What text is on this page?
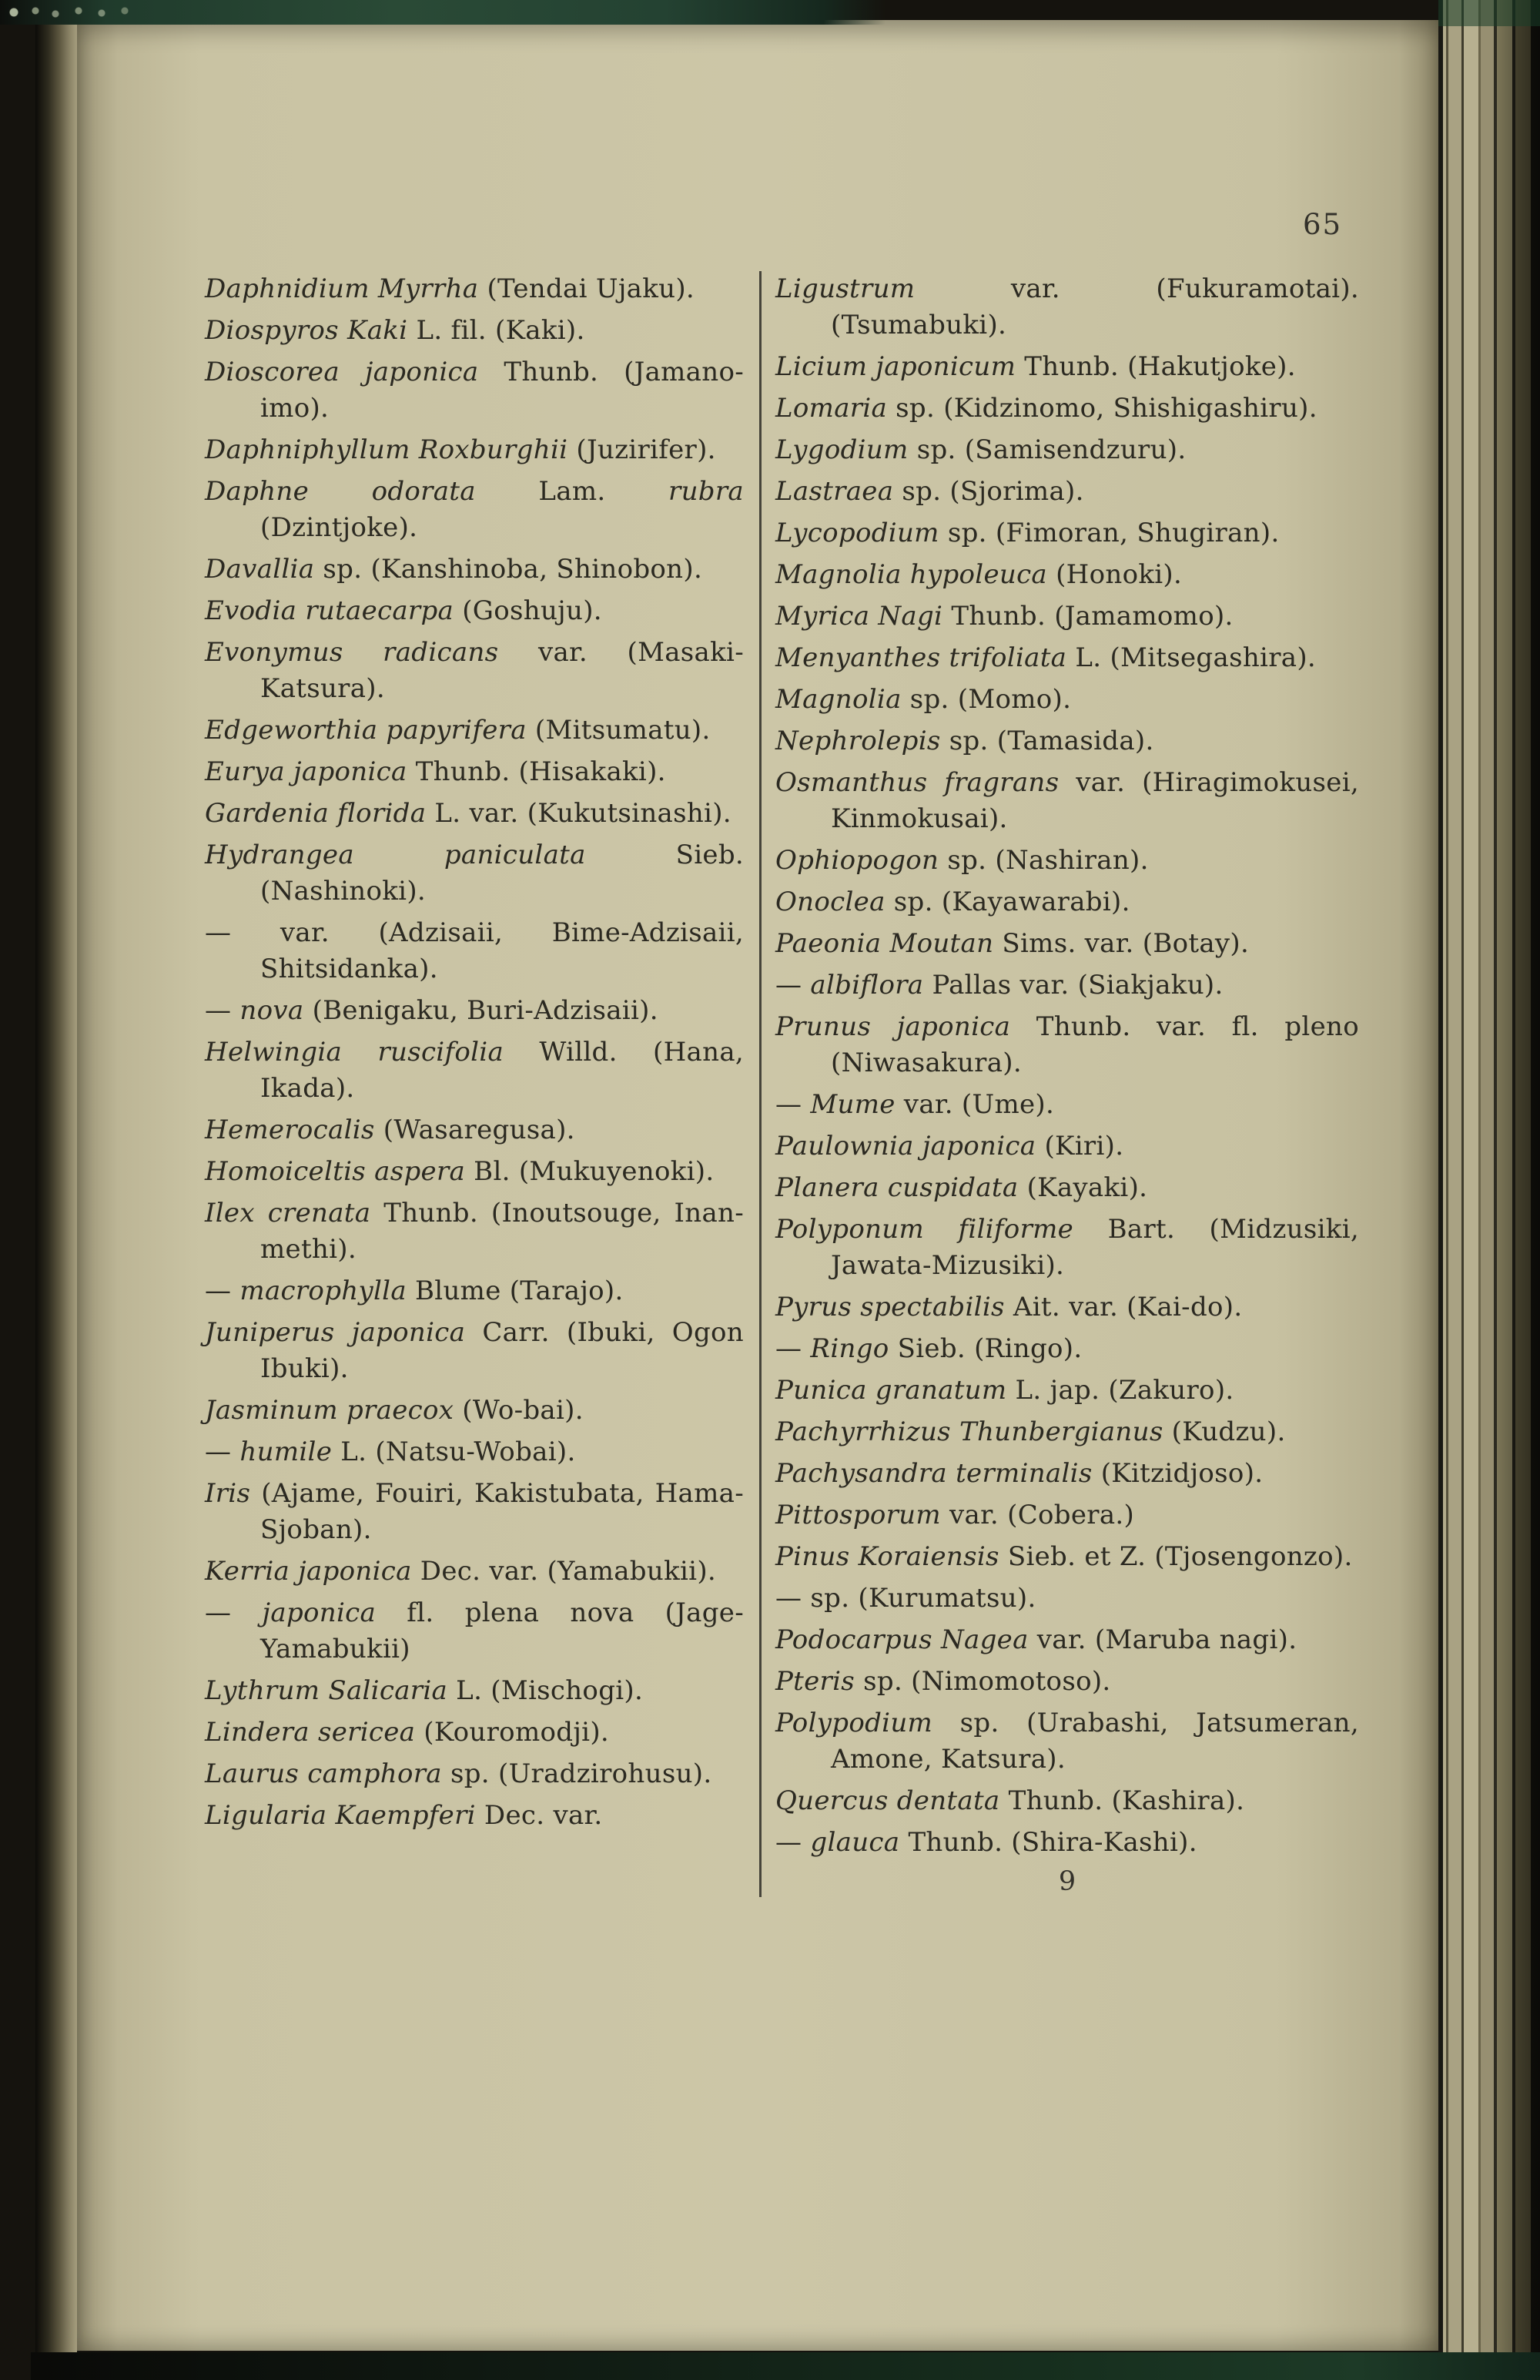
65
Daphnidium Myrrha (Tendai Ujaku).
Diospyros Kaki L. fil. (Kaki).
Dioscorea japonica Thunb. (Jamano-imo).
Daphniphyllum Roxburghii (Juzirifer).
Daphne odorata Lam. rubra (Dzintjoke).
Davallia sp. (Kanshinoba, Shinobon).
Evodia rutaecarpa (Goshuju).
Evonymus radicans var. (Masaki-Katsura).
Edgeworthia papyrifera (Mitsumatu).
Eurya japonica Thunb. (Hisakaki).
Gardenia florida L. var. (Kukutsinashi).
Hydrangea paniculata Sieb. (Nashinoki).
— var. (Adzisaii, Bime-Adzisaii, Shitsidanka).
— nova (Benigaku, Buri-Adzisaii).
Helwingia ruscifolia Willd. (Hana, Ikada).
Hemerocalis (Wasaregusa).
Homoiceltis aspera Bl. (Mukuyenoki).
Ilex crenata Thunb. (Inoutsouge, Inan-methi).
— macrophylla Blume (Tarajo).
Juniperus japonica Carr. (Ibuki, Ogon Ibuki).
Jasminum praecox (Wo-bai).
— humile L. (Natsu-Wobai).
Iris (Ajame, Fouiri, Kakistubata, Hama-Sjoban).
Kerria japonica Dec. var. (Yamabukii).
— japonica fl. plena nova (Jage-Yamabukii)
Lythrum Salicaria L. (Mischogi).
Lindera sericea (Kouromodji).
Laurus camphora sp. (Uradzirohusu).
Ligularia Kaempferi Dec. var.
Ligustrum var. (Fukuramotai). (Tsumabuki).
Licium japonicum Thunb. (Hakutjoke).
Lomaria sp. (Kidzinomo, Shishigashiru).
Lygodium sp. (Samisendzuru).
Lastraea sp. (Sjorima).
Lycopodium sp. (Fimoran, Shugiran).
Magnolia hypoleuca (Honoki).
Myrica Nagi Thunb. (Jamamomo).
Menyanthes trifoliata L. (Mitsegashira).
Magnolia sp. (Momo).
Nephrolepis sp. (Tamasida).
Osmanthus fragrans var. (Hiragimokusei, Kinmokusai).
Ophiopogon sp. (Nashiran).
Onoclea sp. (Kayawarabi).
Paeonia Moutan Sims. var. (Botay).
— albiflora Pallas var. (Siakjaku).
Prunus japonica Thunb. var. fl. pleno (Niwasakura).
— Mume var. (Ume).
Paulownia japonica (Kiri).
Planera cuspidata (Kayaki).
Polyponum filiforme Bart. (Midzusiki, Jawata-Mizusiki).
Pyrus spectabilis Ait. var. (Kai-do).
— Ringo Sieb. (Ringo).
Punica granatum L. jap. (Zakuro).
Pachyrrhizus Thunbergianus (Kudzu).
Pachysandra terminalis (Kitzidjoso).
Pittosporum var. (Cobera.)
Pinus Koraiensis Sieb. et Z. (Tjosengonzo).
— sp. (Kurumatsu).
Podocarpus Nagea var. (Maruba nagi).
Pteris sp. (Nimomotoso).
Polypodium sp. (Urabashi, Jatsumeran, Amone, Katsura).
Quercus dentata Thunb. (Kashira).
— glauca Thunb. (Shira-Kashi).
9
